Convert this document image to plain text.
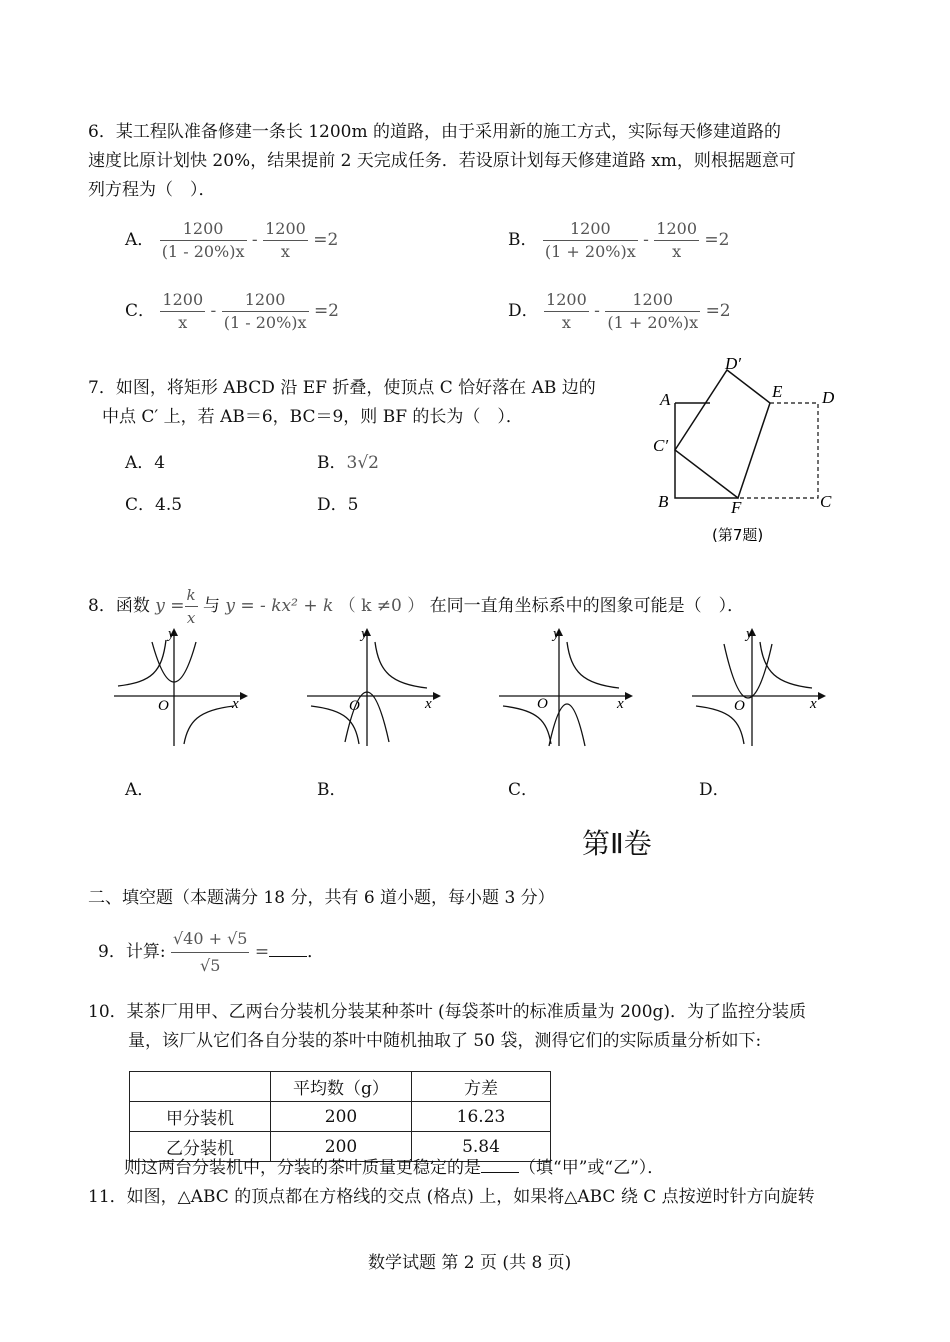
6．某工程队准备修建一条长 1200m 的道路，由于采用新的施工方式，实际每天修建道路的
速度比原计划快 20%，结果提前 2 天完成任务．若设原计划每天修建道路 xm，则根据题意可
列方程为（　）．
A． $\frac{1200}{(1 - 20\%)x} - \frac{1200}{x} =2$	B． $\frac{1200}{(1 + 20\%)x} - \frac{1200}{x} =2$
C． $\frac{1200}{x} - \frac{1200}{(1 - 20\%)x} =2$	D． $\frac{1200}{x} - \frac{1200}{(1 + 20\%)x} =2$
7．如图，将矩形 ABCD 沿 EF 折叠，使顶点 C 恰好落在 AB 边的
中点 C′ 上，若 AB＝6，BC＝9，则 BF 的长为（　）．
A．4	B．3√2
C．4.5	D．5
A
B	C
D
E
F
C′
D′
(第7题)
8．函数 $y = \frac{k}{x}$ 与 y = - kx² + k （ k ≠0 ） 在同一直角坐标系中的图象可能是（　）．
y
x
O
y
x
O
y
x
O
y
x
O
A．	B．	C．	D．
第Ⅱ卷
二、填空题（本题满分 18 分，共有 6 道小题，每小题 3 分）
9．计算: $\frac{√40 + √5}{√5}$ = ．
10．某茶厂用甲、乙两台分装机分装某种茶叶 (每袋茶叶的标准质量为 200g)．为了监控分装质
量，该厂从它们各自分装的茶叶中随机抽取了 50 袋，测得它们的实际质量分析如下:
	平均数（g）	方差
甲分装机	200	16.23
乙分装机	200	5.84
则这两台分装机中，分装的茶叶质量更稳定的是 （填“甲”或“乙”）．
11．如图，△ABC 的顶点都在方格线的交点 (格点) 上，如果将△ABC 绕 C 点按逆时针方向旋转
数学试题 第 2 页 (共 8 页)
